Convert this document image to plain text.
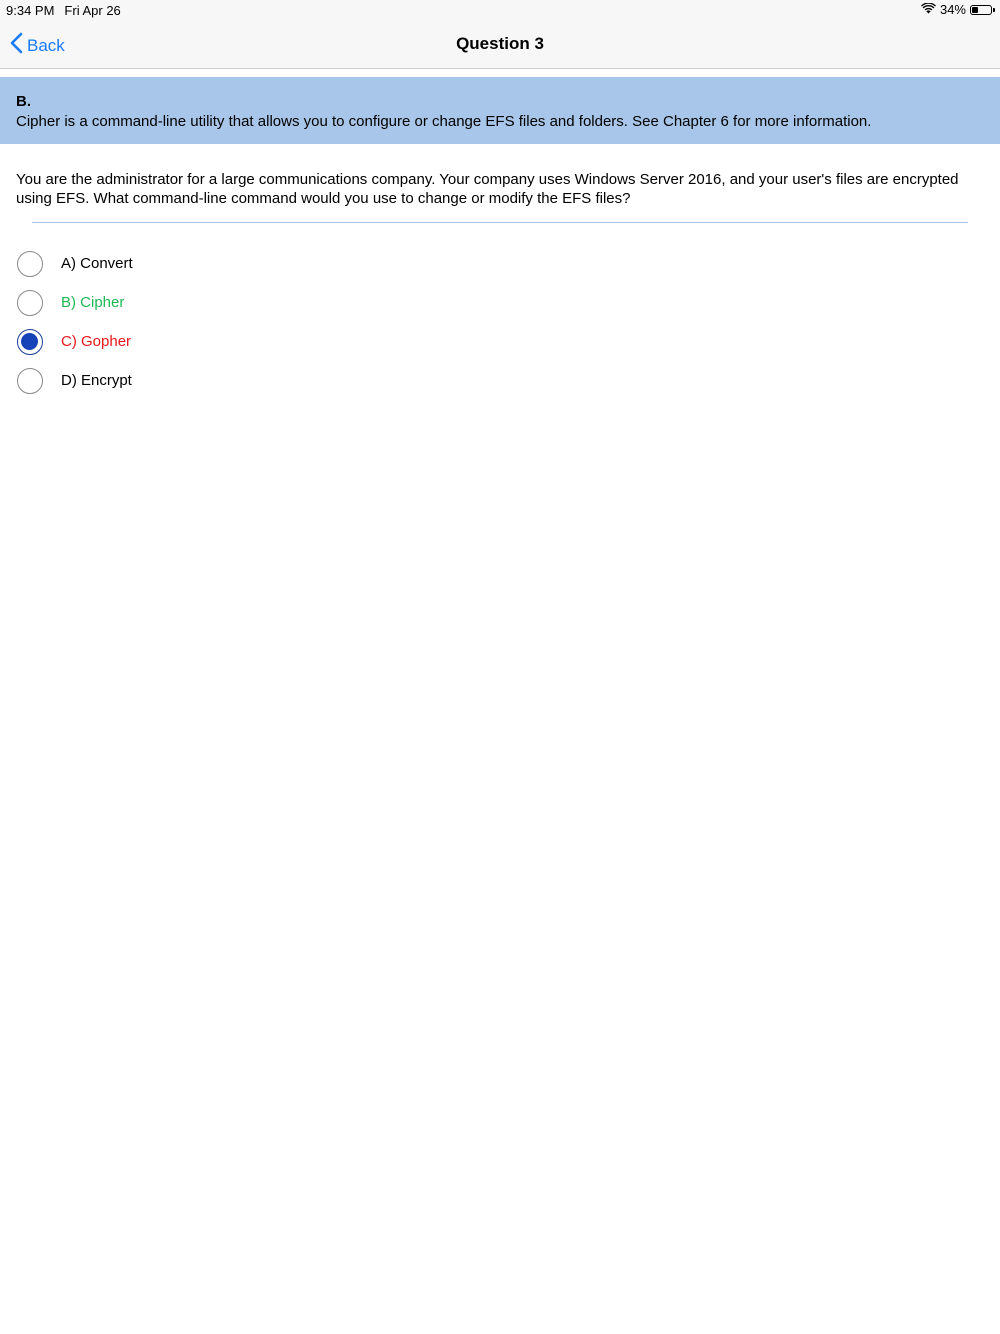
9:34 PM Fri Apr 26	34%
Back	Question 3
B.
Cipher is a command-line utility that allows you to configure or change EFS files and folders. See Chapter 6 for more information.
You are the administrator for a large communications company. Your company uses Windows Server 2016, and your user's files are encrypted using EFS. What command-line command would you use to change or modify the EFS files?
A) Convert
B) Cipher
C) Gopher
D) Encrypt
